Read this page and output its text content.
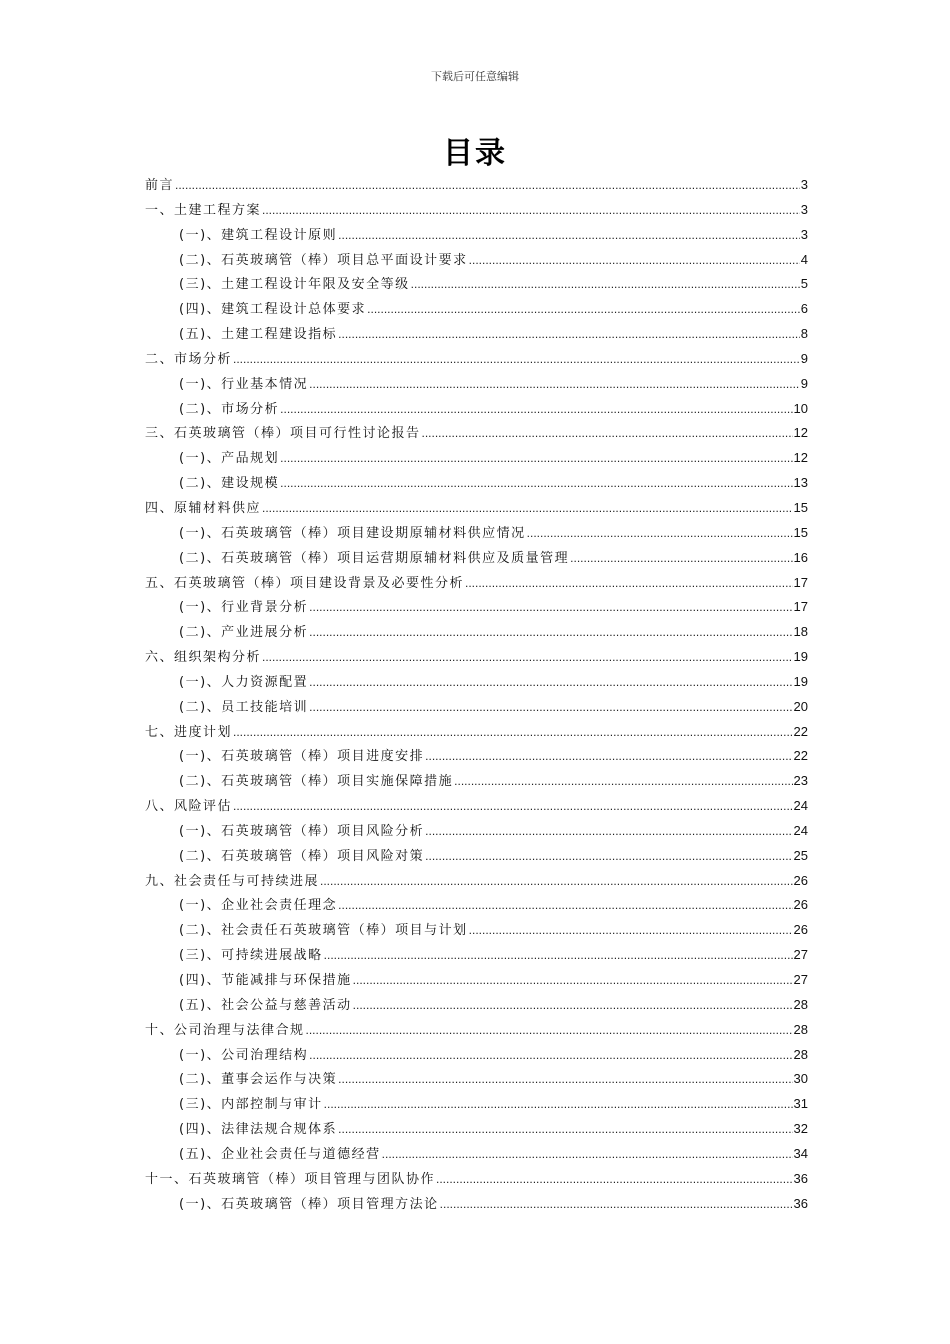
下载后可任意编辑
目录
前言 .....	3
一、土建工程方案 .....	3
(一)、建筑工程设计原则 .....	3
(二)、石英玻璃管（棒）项目总平面设计要求 .....	4
(三)、土建工程设计年限及安全等级 .....	5
(四)、建筑工程设计总体要求 .....	6
(五)、土建工程建设指标 .....	8
二、市场分析 .....	9
(一)、行业基本情况 .....	9
(二)、市场分析 .....	10
三、石英玻璃管（棒）项目可行性讨论报告 .....	12
(一)、产品规划 .....	12
(二)、建设规模 .....	13
四、原辅材料供应 .....	15
(一)、石英玻璃管（棒）项目建设期原辅材料供应情况 .....	15
(二)、石英玻璃管（棒）项目运营期原辅材料供应及质量管理 .....	16
五、石英玻璃管（棒）项目建设背景及必要性分析 .....	17
(一)、行业背景分析 .....	17
(二)、产业进展分析 .....	18
六、组织架构分析 .....	19
(一)、人力资源配置 .....	19
(二)、员工技能培训 .....	20
七、进度计划 .....	22
(一)、石英玻璃管（棒）项目进度安排 .....	22
(二)、石英玻璃管（棒）项目实施保障措施 .....	23
八、风险评估 .....	24
(一)、石英玻璃管（棒）项目风险分析 .....	24
(二)、石英玻璃管（棒）项目风险对策 .....	25
九、社会责任与可持续进展 .....	26
(一)、企业社会责任理念 .....	26
(二)、社会责任石英玻璃管（棒）项目与计划 .....	26
(三)、可持续进展战略 .....	27
(四)、节能减排与环保措施 .....	27
(五)、社会公益与慈善活动 .....	28
十、公司治理与法律合规 .....	28
(一)、公司治理结构 .....	28
(二)、董事会运作与决策 .....	30
(三)、内部控制与审计 .....	31
(四)、法律法规合规体系 .....	32
(五)、企业社会责任与道德经营 .....	34
十一、石英玻璃管（棒）项目管理与团队协作 .....	36
(一)、石英玻璃管（棒）项目管理方法论 .....	36
